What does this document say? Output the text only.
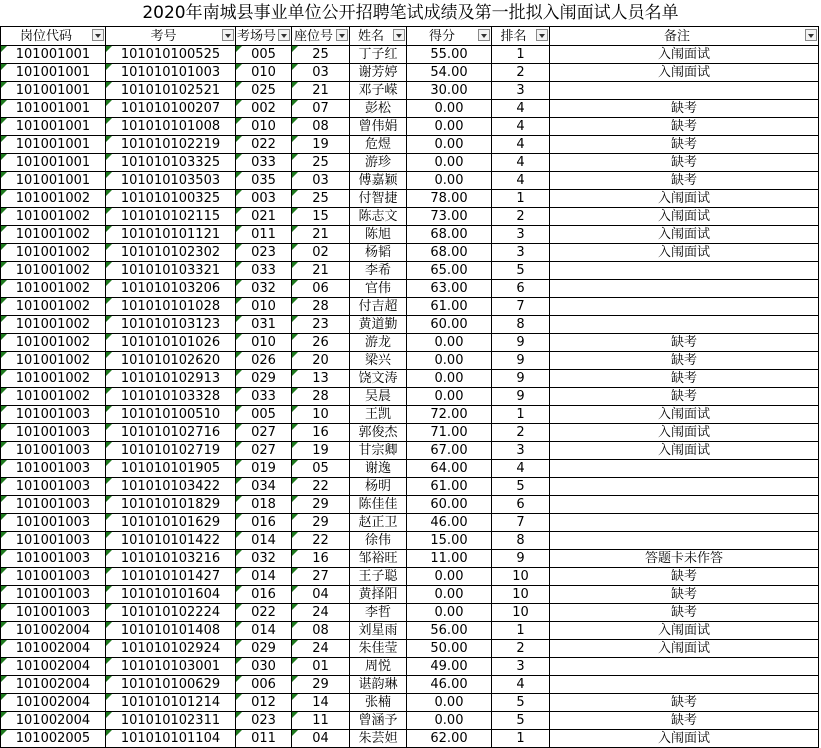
2020年南城县事业单位公开招聘笔试成绩及第一批拟入闱面试人员名单
岗位代码	考号	考场号	座位号	姓名	得分	排名	备注

101001001	101010100525	005	25	丁子红	55.00	1	入闱面试
101001001	101010101003	010	03	谢芳婷	54.00	2	入闱面试
101001001	101010102521	025	21	邓子嵘	30.00	3	
101001001	101010100207	002	07	彭松	0.00	4	缺考
101001001	101010101008	010	08	曾伟娟	0.00	4	缺考
101001001	101010102219	022	19	危煜	0.00	4	缺考
101001001	101010103325	033	25	游珍	0.00	4	缺考
101001001	101010103503	035	03	傅嘉颖	0.00	4	缺考
101001002	101010100325	003	25	付智捷	78.00	1	入闱面试
101001002	101010102115	021	15	陈志文	73.00	2	入闱面试
101001002	101010101121	011	21	陈旭	68.00	3	入闱面试
101001002	101010102302	023	02	杨韬	68.00	3	入闱面试
101001002	101010103321	033	21	李希	65.00	5	
101001002	101010103206	032	06	官伟	63.00	6	
101001002	101010101028	010	28	付吉超	61.00	7	
101001002	101010103123	031	23	黄道勤	60.00	8	
101001002	101010101026	010	26	游龙	0.00	9	缺考
101001002	101010102620	026	20	梁兴	0.00	9	缺考
101001002	101010102913	029	13	饶文涛	0.00	9	缺考
101001002	101010103328	033	28	吴晨	0.00	9	缺考
101001003	101010100510	005	10	王凯	72.00	1	入闱面试
101001003	101010102716	027	16	郭俊杰	71.00	2	入闱面试
101001003	101010102719	027	19	甘宗卿	67.00	3	入闱面试
101001003	101010101905	019	05	谢逸	64.00	4	
101001003	101010103422	034	22	杨明	61.00	5	
101001003	101010101829	018	29	陈佳佳	60.00	6	
101001003	101010101629	016	29	赵正卫	46.00	7	
101001003	101010101422	014	22	徐伟	15.00	8	
101001003	101010103216	032	16	邹裕旺	11.00	9	答题卡未作答
101001003	101010101427	014	27	王子聪	0.00	10	缺考
101001003	101010101604	016	04	黄择阳	0.00	10	缺考
101001003	101010102224	022	24	李哲	0.00	10	缺考
101002004	101010101408	014	08	刘星雨	56.00	1	入闱面试
101002004	101010102924	029	24	朱佳莹	50.00	2	入闱面试
101002004	101010103001	030	01	周悦	49.00	3	
101002004	101010100629	006	29	谌韵琳	46.00	4	
101002004	101010101214	012	14	张楠	0.00	5	缺考
101002004	101010102311	023	11	曾涵予	0.00	5	缺考
101002005	101010101104	011	04	朱芸妲	62.00	1	入闱面试
